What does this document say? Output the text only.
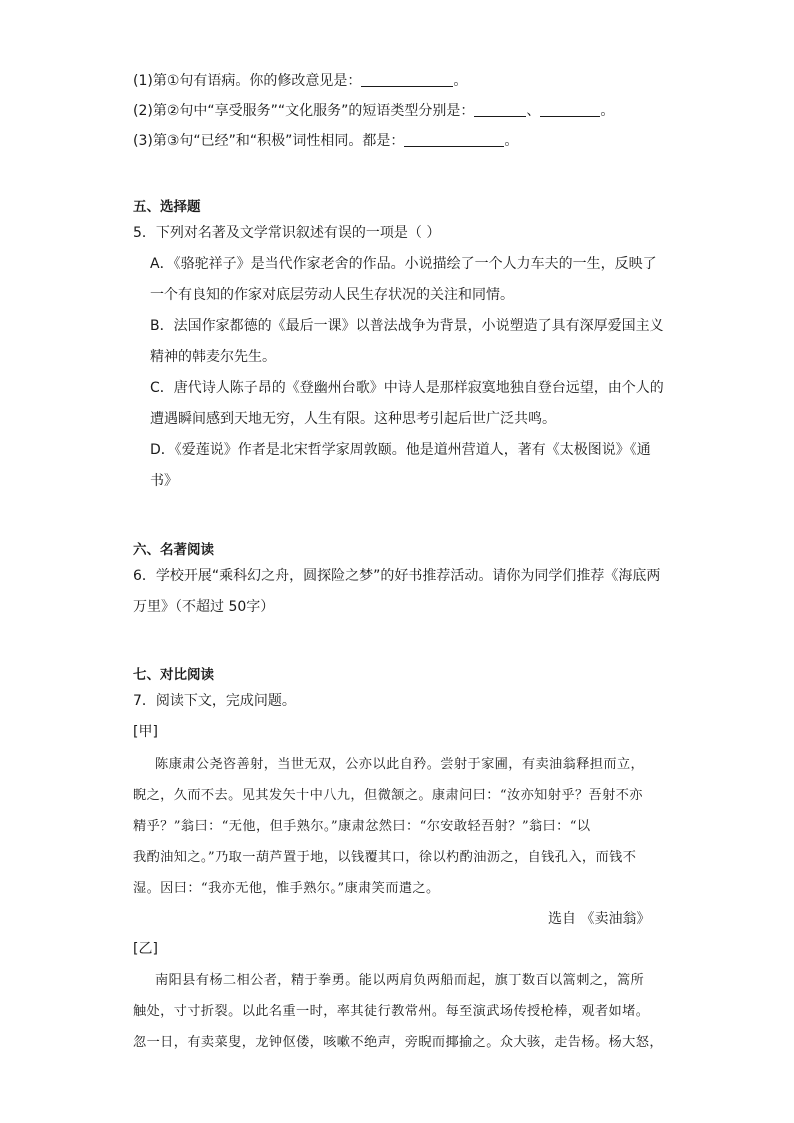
(1)第①句有语病。你的修改意见是：	。
(2)第②句中“享受服务”“文化服务”的短语类型分别是：	、	。
(3)第③句“已经”和“积极”词性相同。都是：	。
五、选择题
5．下列对名著及文学常识叙述有误的一项是（ ）
A．《骆驼祥子》是当代作家老舍的作品。小说描绘了一个人力车夫的一生，反映了
一个有良知的作家对底层劳动人民生存状况的关注和同情。
B．法国作家都德的《最后一课》以普法战争为背景，小说塑造了具有深厚爱国主义
精神的韩麦尔先生。
C．唐代诗人陈子昂的《登幽州台歌》中诗人是那样寂寞地独自登台远望，由个人的
遭遇瞬间感到天地无穷，人生有限。这种思考引起后世广泛共鸣。
D．《爱莲说》作者是北宋哲学家周敦颐。他是道州营道人，著有《太极图说》《通
书》
六、名著阅读
6．学校开展“乘科幻之舟，圆探险之梦”的好书推荐活动。请你为同学们推荐《海底两
万里》（不超过 50字）
七、对比阅读
7．阅读下文，完成问题。
[甲]
陈康肃公尧咨善射，当世无双，公亦以此自矜。尝射于家圃，有卖油翁释担而立，
睨之，久而不去。见其发矢十中八九，但微颔之。康肃问曰：“汝亦知射乎？吾射不亦
精乎？”翁曰：“无他，但手熟尔。”康肃忿然曰：“尔安敢轻吾射？”翁曰：“以
我酌油知之。”乃取一葫芦置于地，以钱覆其口，徐以杓酌油沥之，自钱孔入，而钱不
湿。因曰：“我亦无他，惟手熟尔。”康肃笑而遣之。
选自 《卖油翁》
[乙]
南阳县有杨二相公者，精于拳勇。能以两肩负两船而起，旗丁数百以篙刺之，篙所
触处，寸寸折裂。以此名重一时，率其徒行教常州。每至演武场传授枪棒，观者如堵。
忽一日，有卖菜叟，龙钟伛偻，咳嗽不绝声，旁睨而揶揄之。众大骇，走告杨。杨大怒，
